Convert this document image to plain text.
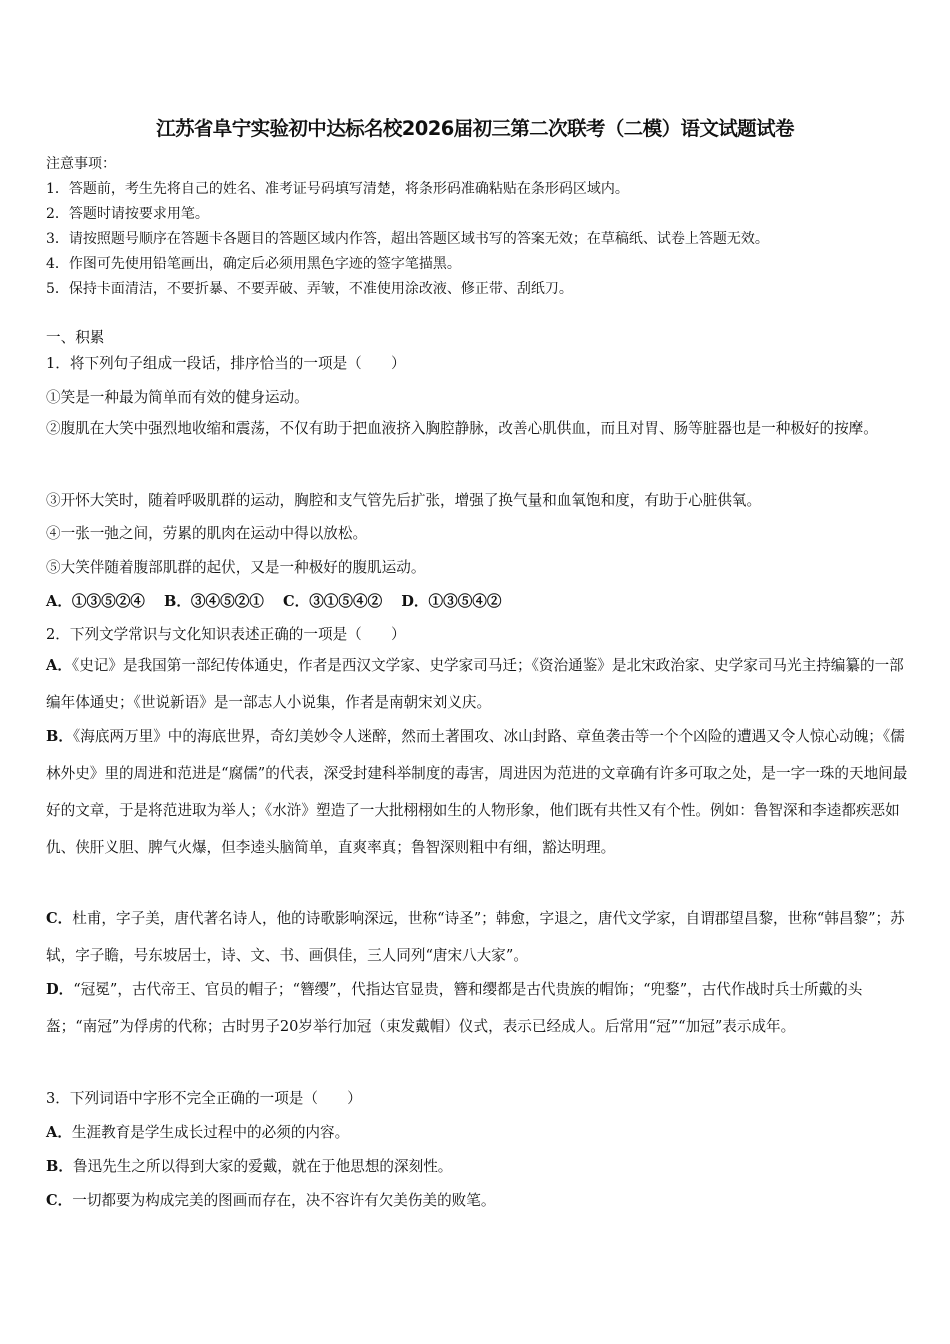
江苏省阜宁实验初中达标名校2026届初三第二次联考（二模）语文试题试卷
注意事项：
1．答题前，考生先将自己的姓名、准考证号码填写清楚，将条形码准确粘贴在条形码区域内。
2．答题时请按要求用笔。
3．请按照题号顺序在答题卡各题目的答题区域内作答，超出答题区域书写的答案无效；在草稿纸、试卷上答题无效。
4．作图可先使用铅笔画出，确定后必须用黑色字迹的签字笔描黑。
5．保持卡面清洁，不要折暴、不要弄破、弄皱，不准使用涂改液、修正带、刮纸刀。
一、积累
1．将下列句子组成一段话，排序恰当的一项是（　　）
①笑是一种最为简单而有效的健身运动。
②腹肌在大笑中强烈地收缩和震荡，不仅有助于把血液挤入胸腔静脉，改善心肌供血，而且对胃、肠等脏器也是一种极好的按摩。
③开怀大笑时，随着呼吸肌群的运动，胸腔和支气管先后扩张，增强了换气量和血氧饱和度，有助于心脏供氧。
④一张一弛之间，劳累的肌肉在运动中得以放松。
⑤大笑伴随着腹部肌群的起伏，又是一种极好的腹肌运动。
A．①③⑤②④ B．③④⑤②① C．③①⑤④② D．①③⑤④②
2．下列文学常识与文化知识表述正确的一项是（　　）
A．《史记》是我国第一部纪传体通史，作者是西汉文学家、史学家司马迁；《资治通鉴》是北宋政治家、史学家司马光主持编纂的一部编年体通史；《世说新语》是一部志人小说集，作者是南朝宋刘义庆。
B．《海底两万里》中的海底世界，奇幻美妙令人迷醉，然而土著围攻、冰山封路、章鱼袭击等一个个凶险的遭遇又令人惊心动魄；《儒林外史》里的周进和范进是“腐儒”的代表，深受封建科举制度的毒害，周进因为范进的文章确有许多可取之处，是一字一珠的天地间最好的文章，于是将范进取为举人；《水浒》塑造了一大批栩栩如生的人物形象，他们既有共性又有个性。例如：鲁智深和李逵都疾恶如仇、侠肝义胆、脾气火爆，但李逵头脑简单，直爽率真；鲁智深则粗中有细，豁达明理。
C．杜甫，字子美，唐代著名诗人，他的诗歌影响深远，世称“诗圣”；韩愈，字退之，唐代文学家，自谓郡望昌黎，世称“韩昌黎”；苏轼，字子瞻，号东坡居士，诗、文、书、画俱佳，三人同列“唐宋八大家”。
D．“冠冕”，古代帝王、官员的帽子；“簪缨”，代指达官显贵，簪和缨都是古代贵族的帽饰；“兜鍪”，古代作战时兵士所戴的头盔；“南冠”为俘虏的代称；古时男子20岁举行加冠（束发戴帽）仪式，表示已经成人。后常用“冠”“加冠”表示成年。
3．下列词语中字形不完全正确的一项是（　　）
A．生涯教育是学生成长过程中的必须的内容。
B．鲁迅先生之所以得到大家的爱戴，就在于他思想的深刻性。
C．一切都要为构成完美的图画而存在，决不容许有欠美伤美的败笔。
